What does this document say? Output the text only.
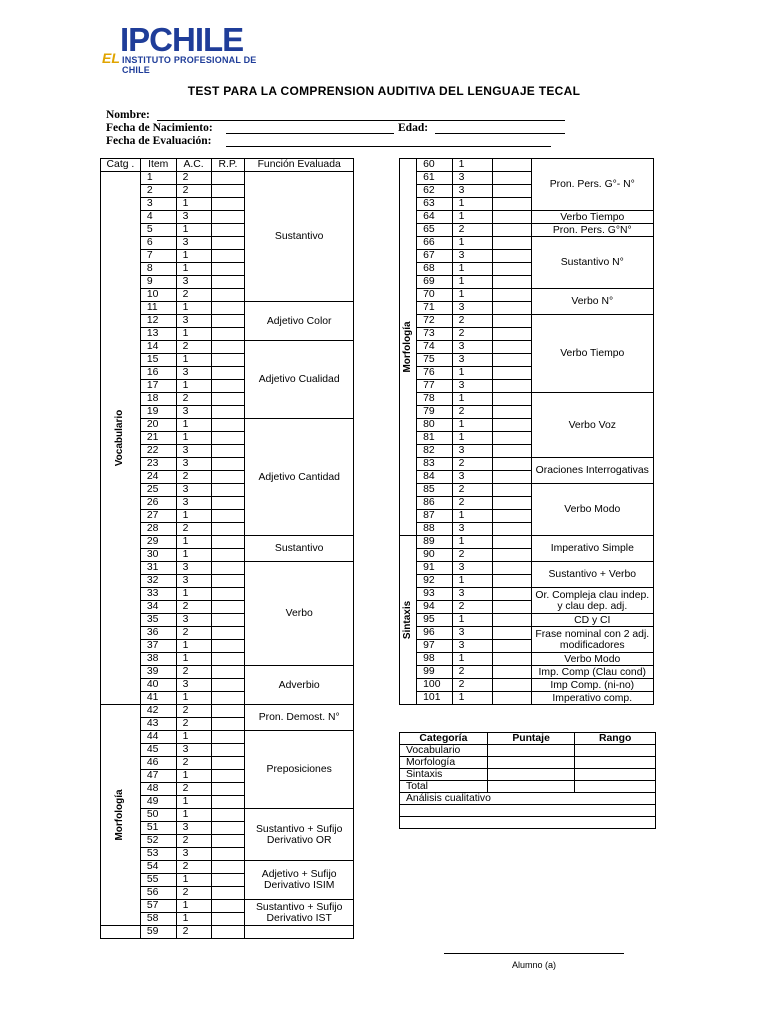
IPCHILE
EL INSTITUTO PROFESIONAL DE CHILE
TEST PARA LA COMPRENSION AUDITIVA DEL LENGUAJE TECAL
Nombre:
Fecha de Nacimiento:	Edad:
Fecha de Evaluación:
Catg .	Item	A.C.	R.P.	Función Evaluada

Vocabulario	1	2		Sustantivo
	2	2		
	3	1		
	4	3		
	5	1		
	6	3		
	7	1		
	8	1		
	9	3		
	10	2		
	11	1		Adjetivo Color
	12	3		
	13	1		
	14	2		Adjetivo Cualidad
	15	1		
	16	3		
	17	1		
	18	2		
	19	3		
	20	1		Adjetivo Cantidad
	21	1		
	22	3		
	23	3		
	24	2		
	25	3		
	26	3		
	27	1		
	28	2		
	29	1		Sustantivo
	30	1		
	31	3		Verbo
	32	3		
	33	1		
	34	2		
	35	3		
	36	2		
	37	1		
	38	1		
	39	2		Adverbio
	40	3		
	41	1		

Morfología	42	2		Pron. Demost. N°
	43	2		
	44	1		Preposiciones
	45	3		
	46	2		
	47	1		
	48	2		
	49	1		
	50	1		Sustantivo + Sufijo Derivativo OR
	51	3		
	52	2		
	53	3		
	54	2		Adjetivo + Sufijo Derivativo ISIM
	55	1		
	56	2		
	57	1		Sustantivo + Sufijo Derivativo IST
	58	1		
	59	2		
Morfología	60	1		Pron. Pers. G°- N°
	61	3		
	62	3		
	63	1		
	64	1		Verbo Tiempo
	65	2		Pron. Pers. G°N°
	66	1		Sustantivo N°
	67	3		
	68	1		
	69	1		
	70	1		Verbo N°
	71	3		
	72	2		Verbo Tiempo
	73	2		
	74	3		
	75	3		
	76	1		
	77	3		
	78	1		Verbo Voz
	79	2		
	80	1		
	81	1		
	82	3		
	83	2		Oraciones Interrogativas
	84	3		
	85	2		Verbo Modo
	86	2		
	87	1		
	88	3		

Sintaxis	89	1		Imperativo Simple
	90	2		
	91	3		Sustantivo + Verbo
	92	1		
	93	3		Or. Compleja clau indep. y clau dep. adj.
	94	2		
	95	1		CD y CI
	96	3		Frase nominal con 2 adj. modificadores
	97	3		
	98	1		Verbo Modo
	99	2		Imp. Comp (Clau cond)
	100	2		Imp Comp. (ni-no)
	101	1		Imperativo comp.
Categoría	Puntaje	Rango
Vocabulario		
Morfología		
Sintaxis		
Total		
Análisis cualitativo		

Alumno (a)
